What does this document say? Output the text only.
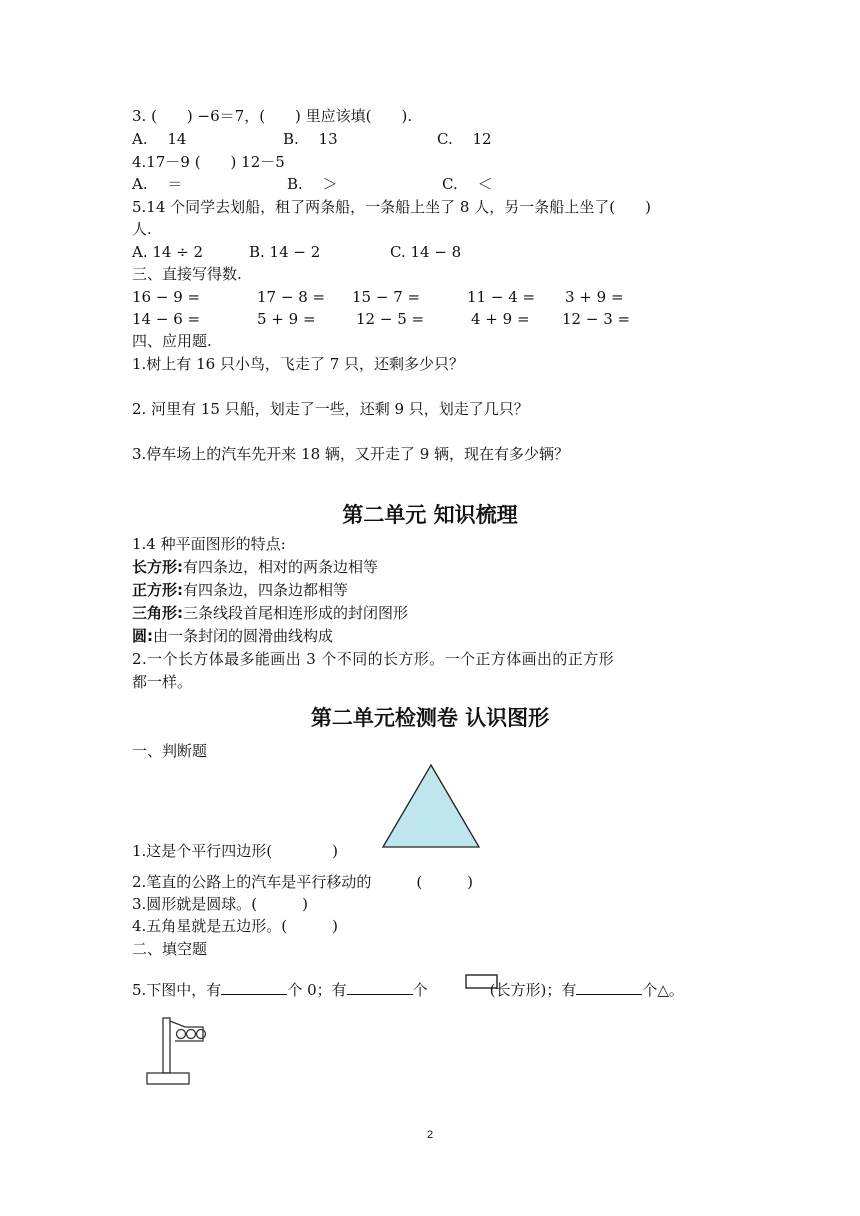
3. (　　) −6＝7，(　　) 里应该填(　　).
A.　 14	B.　 13	C.　 12
4.17－9 (　　) 12－5
A.　 ＝	B.　 ＞	C.　 ＜
5.14 个同学去划船，租了两条船，一条船上坐了 8 人，另一条船上坐了(　　)
人.
A. 14 ÷ 2	B. 14 − 2	C. 14 − 8
三、直接写得数.
16 − 9 =	17 − 8 = 15 − 7 =	11 − 4 = 3 + 9 =
14 − 6 =	5 + 9 =	12 − 5 =	4 + 9 = 12 − 3 =
四、应用题.
1.树上有 16 只小鸟，飞走了 7 只，还剩多少只？
2. 河里有 15 只船，划走了一些，还剩 9 只，划走了几只？
3.停车场上的汽车先开来 18 辆，又开走了 9 辆，现在有多少辆？
第二单元 知识梳理
1.4 种平面图形的特点:
长方形:有四条边，相对的两条边相等
正方形:有四条边，四条边都相等
三角形:三条线段首尾相连形成的封闭图形
圆:由一条封闭的圆滑曲线构成
2.一个长方体最多能画出 3 个不同的长方形。一个正方体画出的正方形
都一样。
第二单元检测卷 认识图形
一、判断题
1.这是个平行四边形(　　　　)
2.笔直的公路上的汽车是平行移动的　　　(　　　)
3.圆形就是圆球。(　　　)
4.五角星就是五边形。(　　　)
二、填空题
5.下图中，有	个 0；有	个	(长方形)；有	个△。
2
